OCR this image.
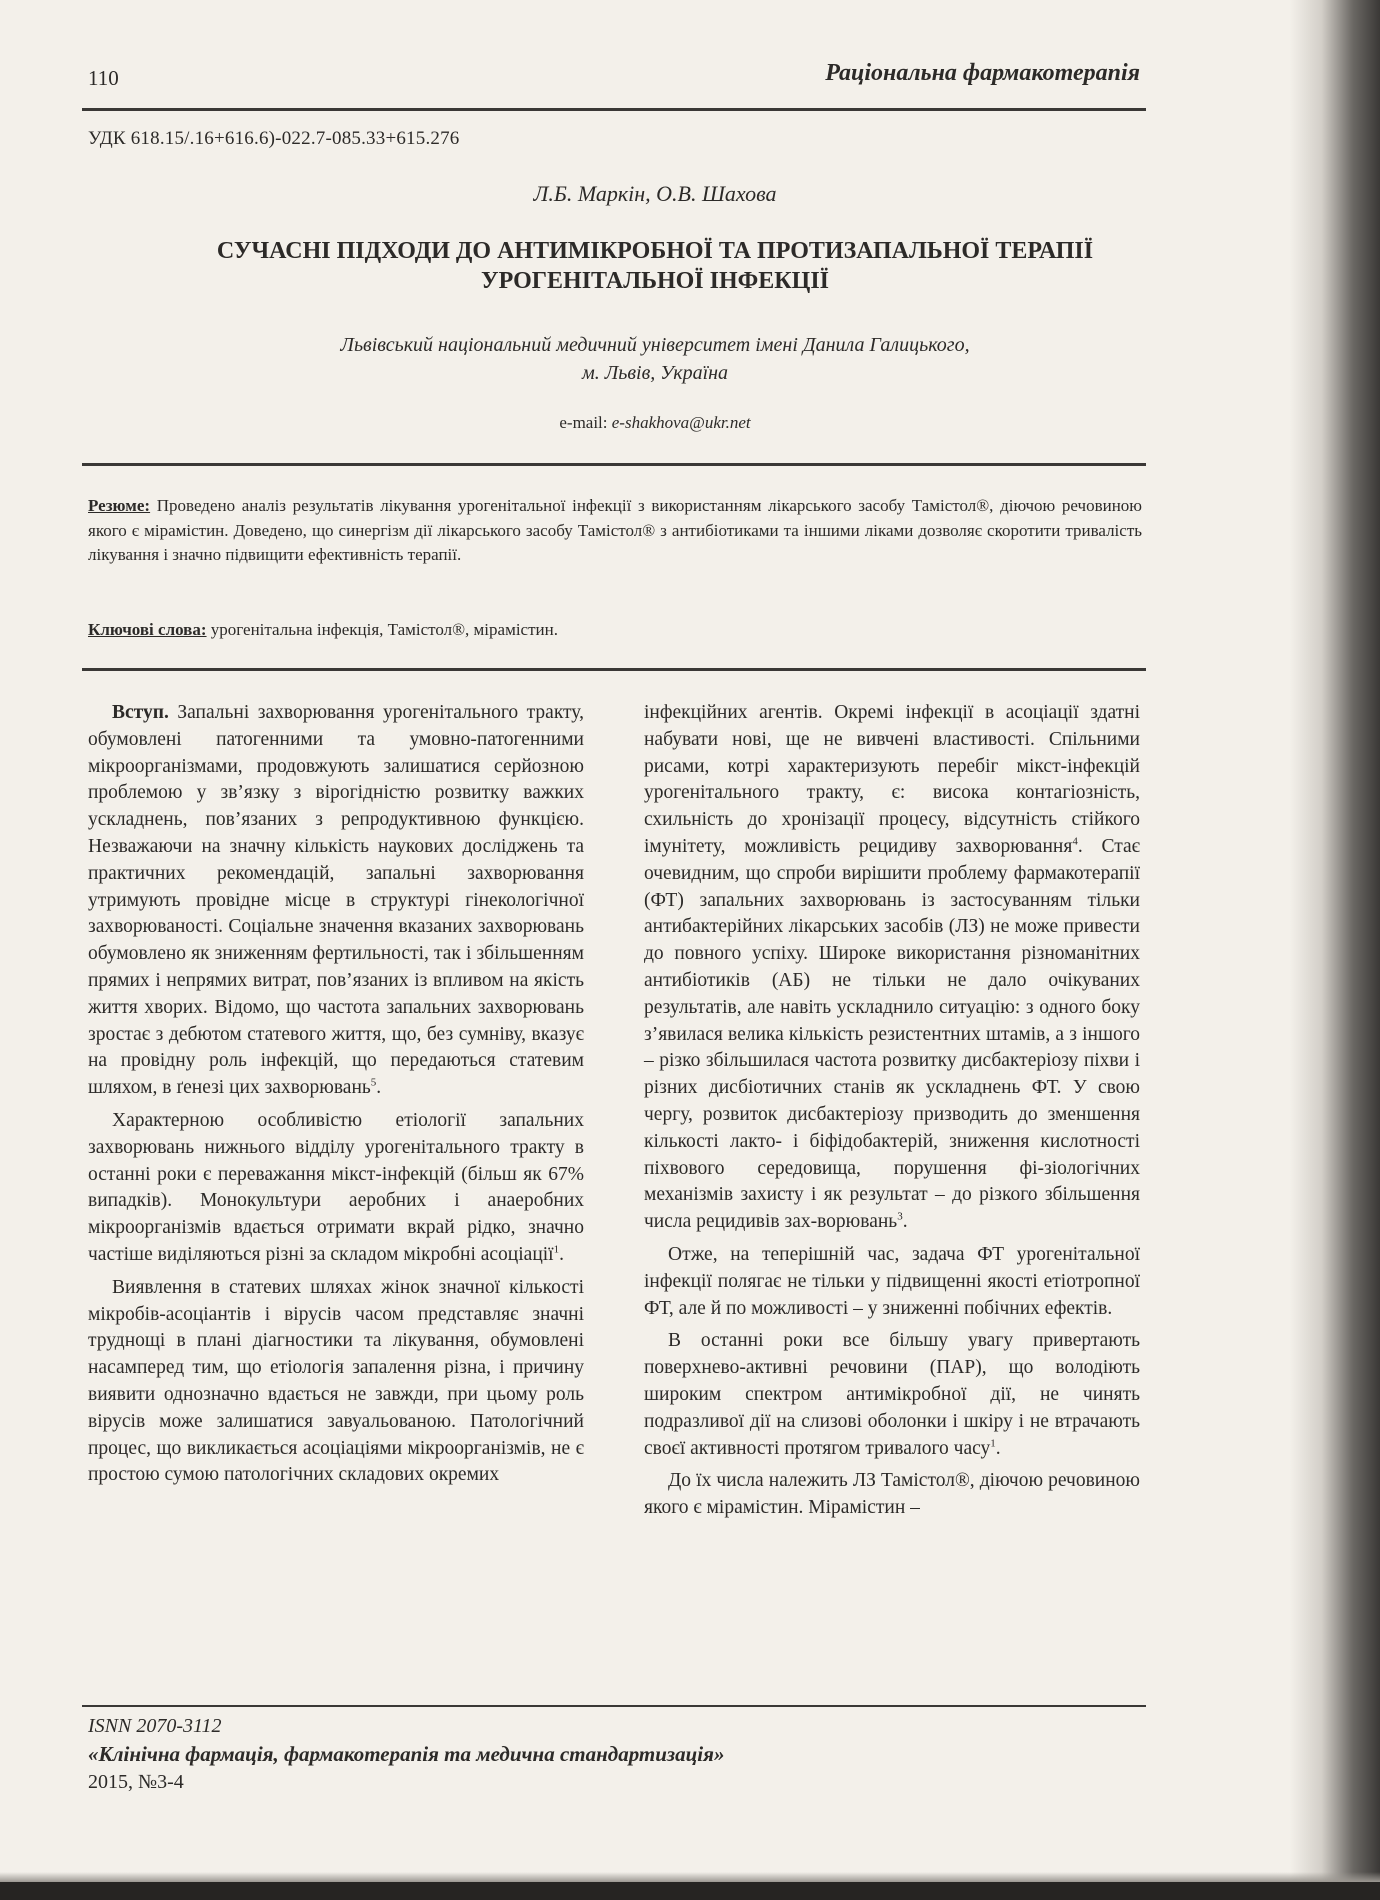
110	Раціональна фармакотерапія
УДК 618.15/.16+616.6)-022.7-085.33+615.276
Л.Б. Маркін, О.В. Шахова
СУЧАСНІ ПІДХОДИ ДО АНТИМІКРОБНОЇ ТА ПРОТИЗАПАЛЬНОЇ ТЕРАПІЇ
УРОГЕНІТАЛЬНОЇ ІНФЕКЦІЇ
Львівський національний медичний університет імені Данила Галицького,
м. Львів, Україна
e-mail: e-shakhova@ukr.net
Резюме: Проведено аналіз результатів лікування урогенітальної інфекції з використанням лікарського засобу Тамістол®, діючою речовиною якого є мірамістин. Доведено, що синергізм дії лікарського засобу Тамістол® з антибіотиками та іншими ліками дозволяє скоротити тривалість лікування і значно підвищити ефективність терапії.
Ключові слова: урогенітальна інфекція, Тамістол®, мірамістин.

Вступ. Запальні захворювання урогенітального тракту, обумовлені патогенними та умовно-патогенними мікроорганізмами, продовжують залишатися серйозною проблемою у зв’язку з вірогідністю розвитку важких ускладнень, пов’язаних з репродуктивною функцією. Незважаючи на значну кількість наукових досліджень та практичних рекомендацій, запальні захворювання утримують провідне місце в структурі гінекологічної захворюваності. Соціальне значення вказаних захворювань обумовлено як зниженням фертильності, так і збільшенням прямих і непрямих витрат, пов’язаних із впливом на якість життя хворих. Відомо, що частота запальних захворювань зростає з дебютом статевого життя, що, без сумніву, вказує на провідну роль інфекцій, що передаються статевим шляхом, в ґенезі цих захворювань$^5$.

Характерною особливістю етіології запальних захворювань нижнього відділу урогенітального тракту в останні роки є переважання мікст-інфекцій (більш як 67% випадків). Монокультури аеробних і анаеробних мікроорганізмів вдається отримати вкрай рідко, значно частіше виділяються різні за складом мікробні асоціації$^1$.

Виявлення в статевих шляхах жінок значної кількості мікробів-асоціантів і вірусів часом представляє значні труднощі в плані діагностики та лікування, обумовлені насамперед тим, що етіологія запалення різна, і причину виявити однозначно вдається не завжди, при цьому роль вірусів може залишатися завуальованою. Патологічний процес, що викликається асоціаціями мікроорганізмів, не є простою сумою патологічних складових окремих

інфекційних агентів. Окремі інфекції в асоціації здатні набувати нові, ще не вивчені властивості. Спільними рисами, котрі характеризують перебіг мікст-інфекцій урогенітального тракту, є: висока контагіозність, схильність до хронізації процесу, відсутність стійкого імунітету, можливість рецидиву захворювання$^4$. Стає очевидним, що спроби вирішити проблему фармакотерапії (ФТ) запальних захворювань із застосуванням тільки антибактерійних лікарських засобів (ЛЗ) не може привести до повного успіху. Широке використання різноманітних антибіотиків (АБ) не тільки не дало очікуваних результатів, але навіть ускладнило ситуацію: з одного боку з’явилася велика кількість резистентних штамів, а з іншого – різко збільшилася частота розвитку дисбактеріозу піхви і різних дисбіотичних станів як ускладнень ФТ. У свою чергу, розвиток дисбактеріозу призводить до зменшення кількості лакто- і біфідобактерій, зниження кислотності піхвового середовища, порушення фі-зіологічних механізмів захисту і як результат – до різкого збільшення числа рецидивів зах-ворювань$^3$.

Отже, на теперішній час, задача ФТ урогенітальної інфекції полягає не тільки у підвищенні якості етіотропної ФТ, але й по можливості – у зниженні побічних ефектів.

В останні роки все більшу увагу привертають поверхнево-активні речовини (ПАР), що володіють широким спектром антимікробної дії, не чинять подразливої дії на слизові оболонки і шкіру і не втрачають своєї активності протягом тривалого часу$^1$.

До їх числа належить ЛЗ Тамістол®, діючою речовиною якого є мірамістин. Мірамістин –

ISNN 2070-3112
«Клінічна фармація, фармакотерапія та медична стандартизація»
2015, №3-4
